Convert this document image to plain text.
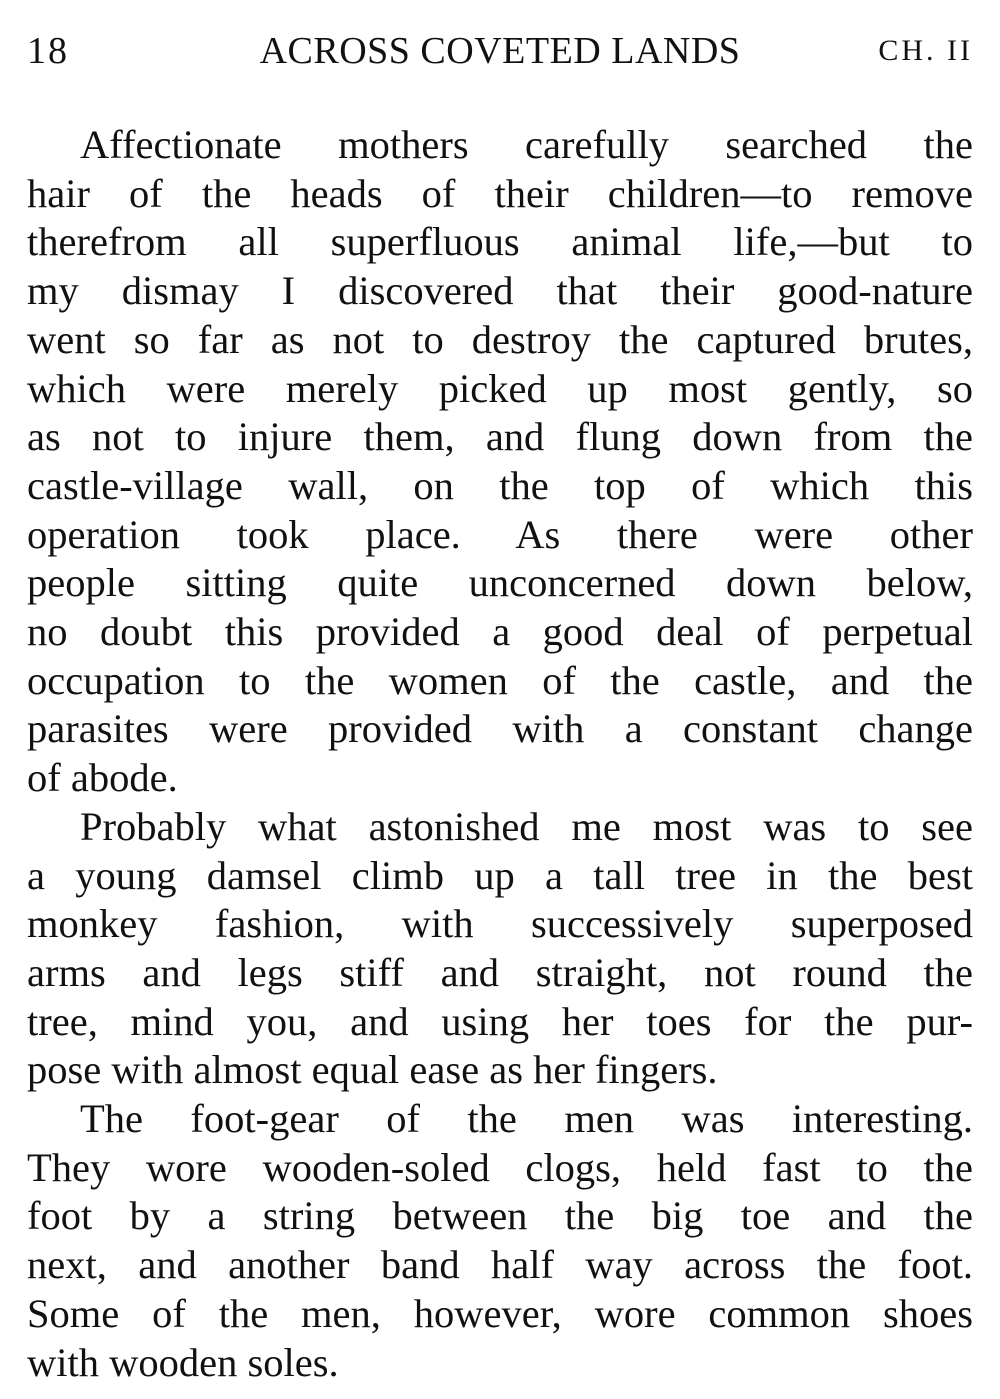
18	ACROSS COVETED LANDS	CH. II

Affectionate mothers carefully searched the
hair of the heads of their children—to remove
therefrom all superfluous animal life,—but to
my dismay I discovered that their good-nature
went so far as not to destroy the captured brutes,
which were merely picked up most gently, so
as not to injure them, and flung down from the
castle-village wall, on the top of which this
operation took place. As there were other
people sitting quite unconcerned down below,
no doubt this provided a good deal of perpetual
occupation to the women of the castle, and the
parasites were provided with a constant change
of abode.

Probably what astonished me most was to see
a young damsel climb up a tall tree in the best
monkey fashion, with successively superposed
arms and legs stiff and straight, not round the
tree, mind you, and using her toes for the pur-
pose with almost equal ease as her fingers.

The foot-gear of the men was interesting.
They wore wooden-soled clogs, held fast to the
foot by a string between the big toe and the
next, and another band half way across the foot.
Some of the men, however, wore common shoes
with wooden soles.
